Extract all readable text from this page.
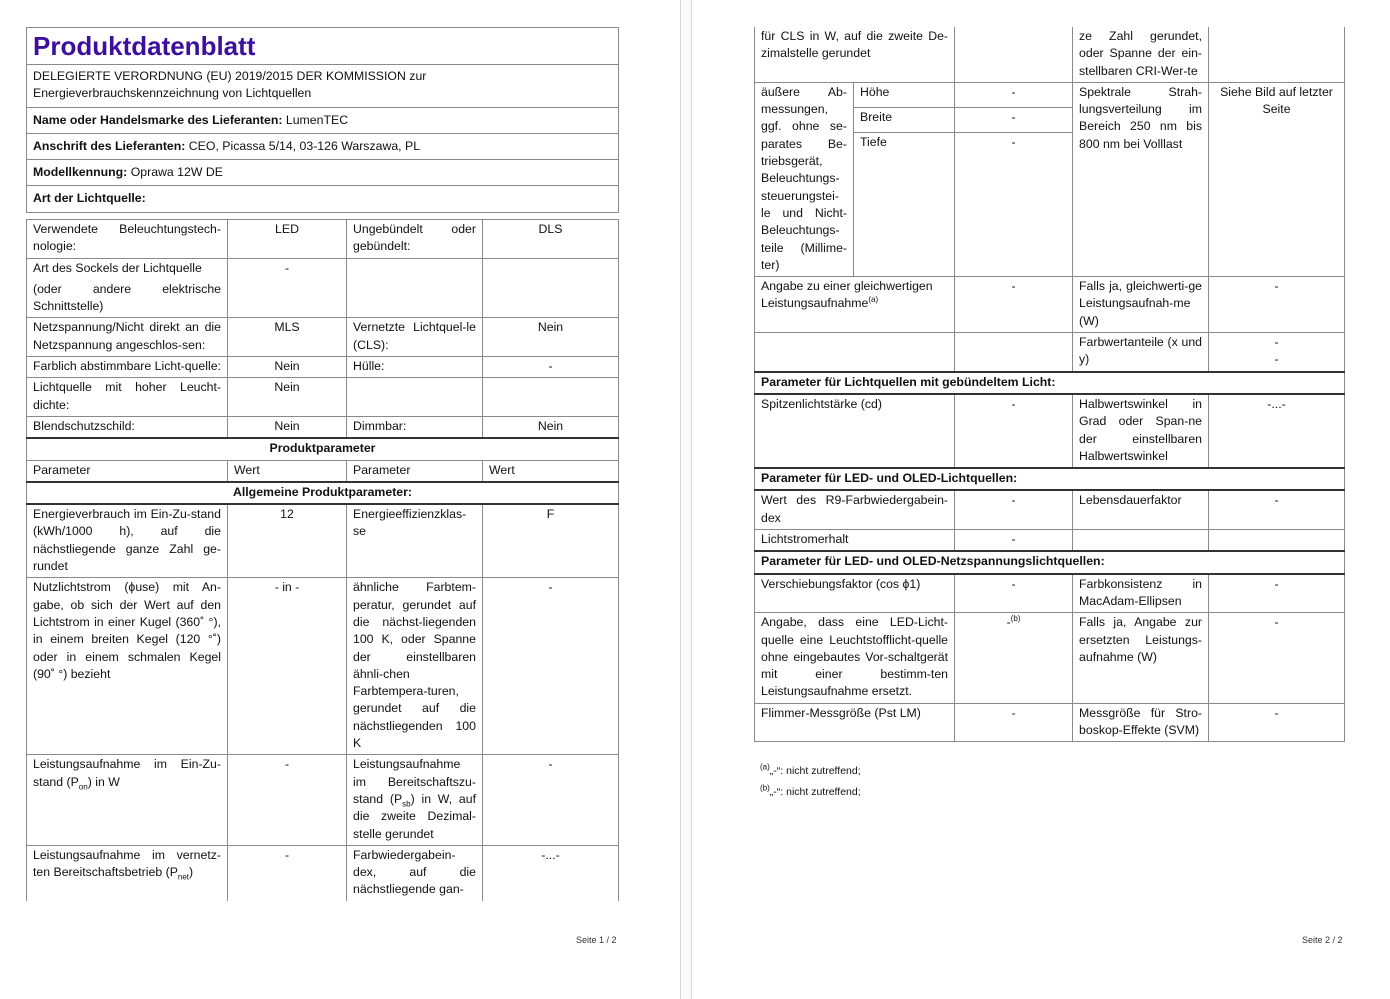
Produktdatenblatt
DELEGIERTE VERORDNUNG (EU) 2019/2015 DER KOMMISSION zur Energieverbrauchskennzeichnung von Lichtquellen
Name oder Handelsmarke des Lieferanten: LumenTEC
Anschrift des Lieferanten: CEO, Picassa 5/14, 03-126 Warszawa, PL
Modellkennung: Oprawa 12W DE
Art der Lichtquelle:
Verwendete Beleuchtungstech-nologie:	LED	Ungebündelt oder gebündelt:	DLS

Art des Sockels der Lichtquelle
(oder andere elektrische Schnittstelle)	-		
Netzspannung/Nicht direkt an die Netzspannung angeschlos-sen:	MLS	Vernetzte Lichtquel-le (CLS):	Nein
Farblich abstimmbare Licht-quelle:	Nein	Hülle:	-
Lichtquelle mit hoher Leucht-dichte:	Nein		
Blendschutzschild:	Nein	Dimmbar:	Nein
Produktparameter			
Parameter	Wert	Parameter	Wert
Allgemeine Produktparameter:			
Energieverbrauch im Ein-Zu-stand (kWh/1000 h), auf die nächstliegende ganze Zahl ge-rundet	12	Energieeffizienzklas-se	F
Nutzlichtstrom (ϕuse) mit An-gabe, ob sich der Wert auf den Lichtstrom in einer Kugel (360˚ °), in einem breiten Kegel (120 °˚) oder in einem schmalen Kegel (90˚ °) bezieht	- in -	ähnliche Farbtem-peratur, gerundet auf die nächst-liegenden 100 K, oder Spanne der einstellbaren ähnli-chen Farbtempera-turen, gerundet auf die nächstliegenden 100 K	-
Leistungsaufnahme im Ein-Zu-stand $(P_{on})$ in W	-	Leistungsaufnahme im Bereitschaftszu-stand $(P_{sb})$ in W, auf die zweite Dezimal-stelle gerundet	-
Leistungsaufnahme im vernetz-ten Bereitschaftsbetrieb $(P_{net})$	-	Farbwiedergabein-dex, auf die nächstliegende gan-	-...-
Seite 1 / 2
für CLS in W, auf die zweite De-zimalstelle gerundet			ze Zahl gerundet, oder Spanne der ein-stellbaren CRI-Wer-te	
äußere Ab-messungen, ggf. ohne se-parates Be-triebsgerät, Beleuchtungs-steuerungstei-le und Nicht-Beleuchtungs-teile (Millime-ter)	Höhe	-	Spektrale Strah-lungsverteilung im Bereich 250 nm bis 800 nm bei Volllast	Siehe Bild auf letzter Seite
	Breite	-		
	Tiefe	-		
Angabe zu einer gleichwertigen Leistungsaufnahme$^{(a)}$		-	Falls ja, gleichwerti-ge Leistungsaufnah-me (W)	-
			Farbwertanteile (x und y)	-
-

Parameter für Lichtquellen mit gebündeltem Licht:				
Spitzenlichtstärke (cd)		-	Halbwertswinkel in Grad oder Span-ne der einstellbaren Halbwertswinkel	-...-
Parameter für LED- und OLED-Lichtquellen:				
Wert des R9-Farbwiedergabein-dex		-	Lebensdauerfaktor	-
Lichtstromerhalt		-		
Parameter für LED- und OLED-Netzspannungslichtquellen:				
Verschiebungsfaktor (cos ϕ1)		-	Farbkonsistenz in MacAdam-Ellipsen	-
Angabe, dass eine LED-Licht-quelle eine Leuchtstofflicht-quelle ohne eingebautes Vor-schaltgerät mit einer bestimm-ten Leistungsaufnahme ersetzt.		-$^{(b)}$	Falls ja, Angabe zur ersetzten Leistungs-aufnahme (W)	-
Flimmer-Messgröße (Pst LM)		-	Messgröße für Stro-boskop-Effekte (SVM)	-
$^{(a)}$„-“: nicht zutreffend;
$^{(b)}$„-“: nicht zutreffend;
Seite 2 / 2
